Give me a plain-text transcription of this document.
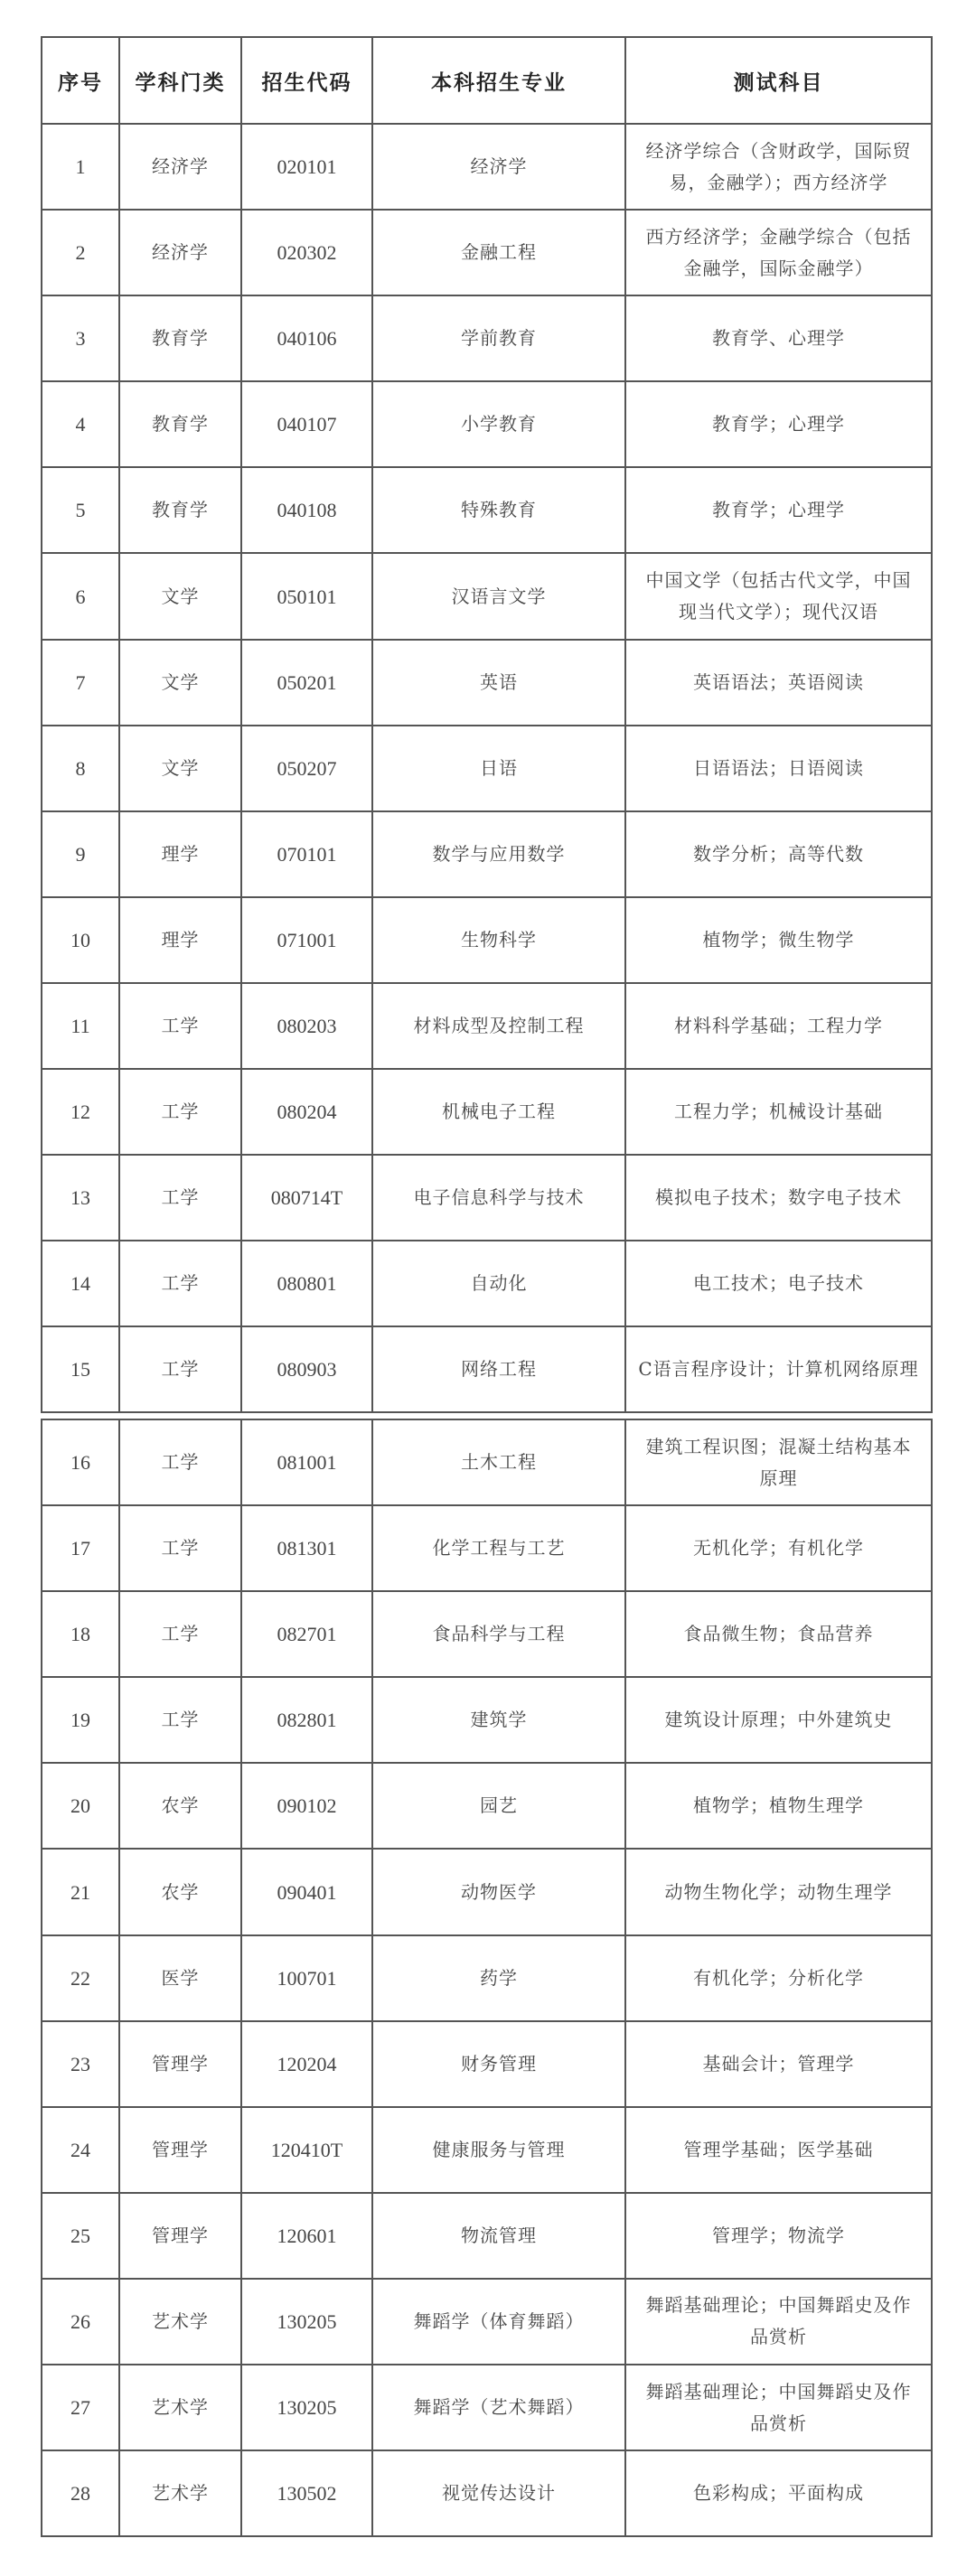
序号	学科门类	招生代码	本科招生专业	测试科目
1	经济学	020101	经济学	经济学综合（含财政学，国际贸易，金融学）；西方经济学
2	经济学	020302	金融工程	西方经济学；金融学综合（包括金融学，国际金融学）
3	教育学	040106	学前教育	教育学、心理学
4	教育学	040107	小学教育	教育学；心理学
5	教育学	040108	特殊教育	教育学；心理学
6	文学	050101	汉语言文学	中国文学（包括古代文学，中国现当代文学）；现代汉语
7	文学	050201	英语	英语语法；英语阅读
8	文学	050207	日语	日语语法；日语阅读
9	理学	070101	数学与应用数学	数学分析；高等代数
10	理学	071001	生物科学	植物学；微生物学
11	工学	080203	材料成型及控制工程	材料科学基础；工程力学
12	工学	080204	机械电子工程	工程力学；机械设计基础
13	工学	080714T	电子信息科学与技术	模拟电子技术；数字电子技术
14	工学	080801	自动化	电工技术；电子技术
15	工学	080903	网络工程	C语言程序设计；计算机网络原理
16	工学	081001	土木工程	建筑工程识图；混凝土结构基本原理
17	工学	081301	化学工程与工艺	无机化学；有机化学
18	工学	082701	食品科学与工程	食品微生物；食品营养
19	工学	082801	建筑学	建筑设计原理；中外建筑史
20	农学	090102	园艺	植物学；植物生理学
21	农学	090401	动物医学	动物生物化学；动物生理学
22	医学	100701	药学	有机化学；分析化学
23	管理学	120204	财务管理	基础会计；管理学
24	管理学	120410T	健康服务与管理	管理学基础；医学基础
25	管理学	120601	物流管理	管理学；物流学
26	艺术学	130205	舞蹈学（体育舞蹈）	舞蹈基础理论；中国舞蹈史及作品赏析
27	艺术学	130205	舞蹈学（艺术舞蹈）	舞蹈基础理论；中国舞蹈史及作品赏析
28	艺术学	130502	视觉传达设计	色彩构成；平面构成
